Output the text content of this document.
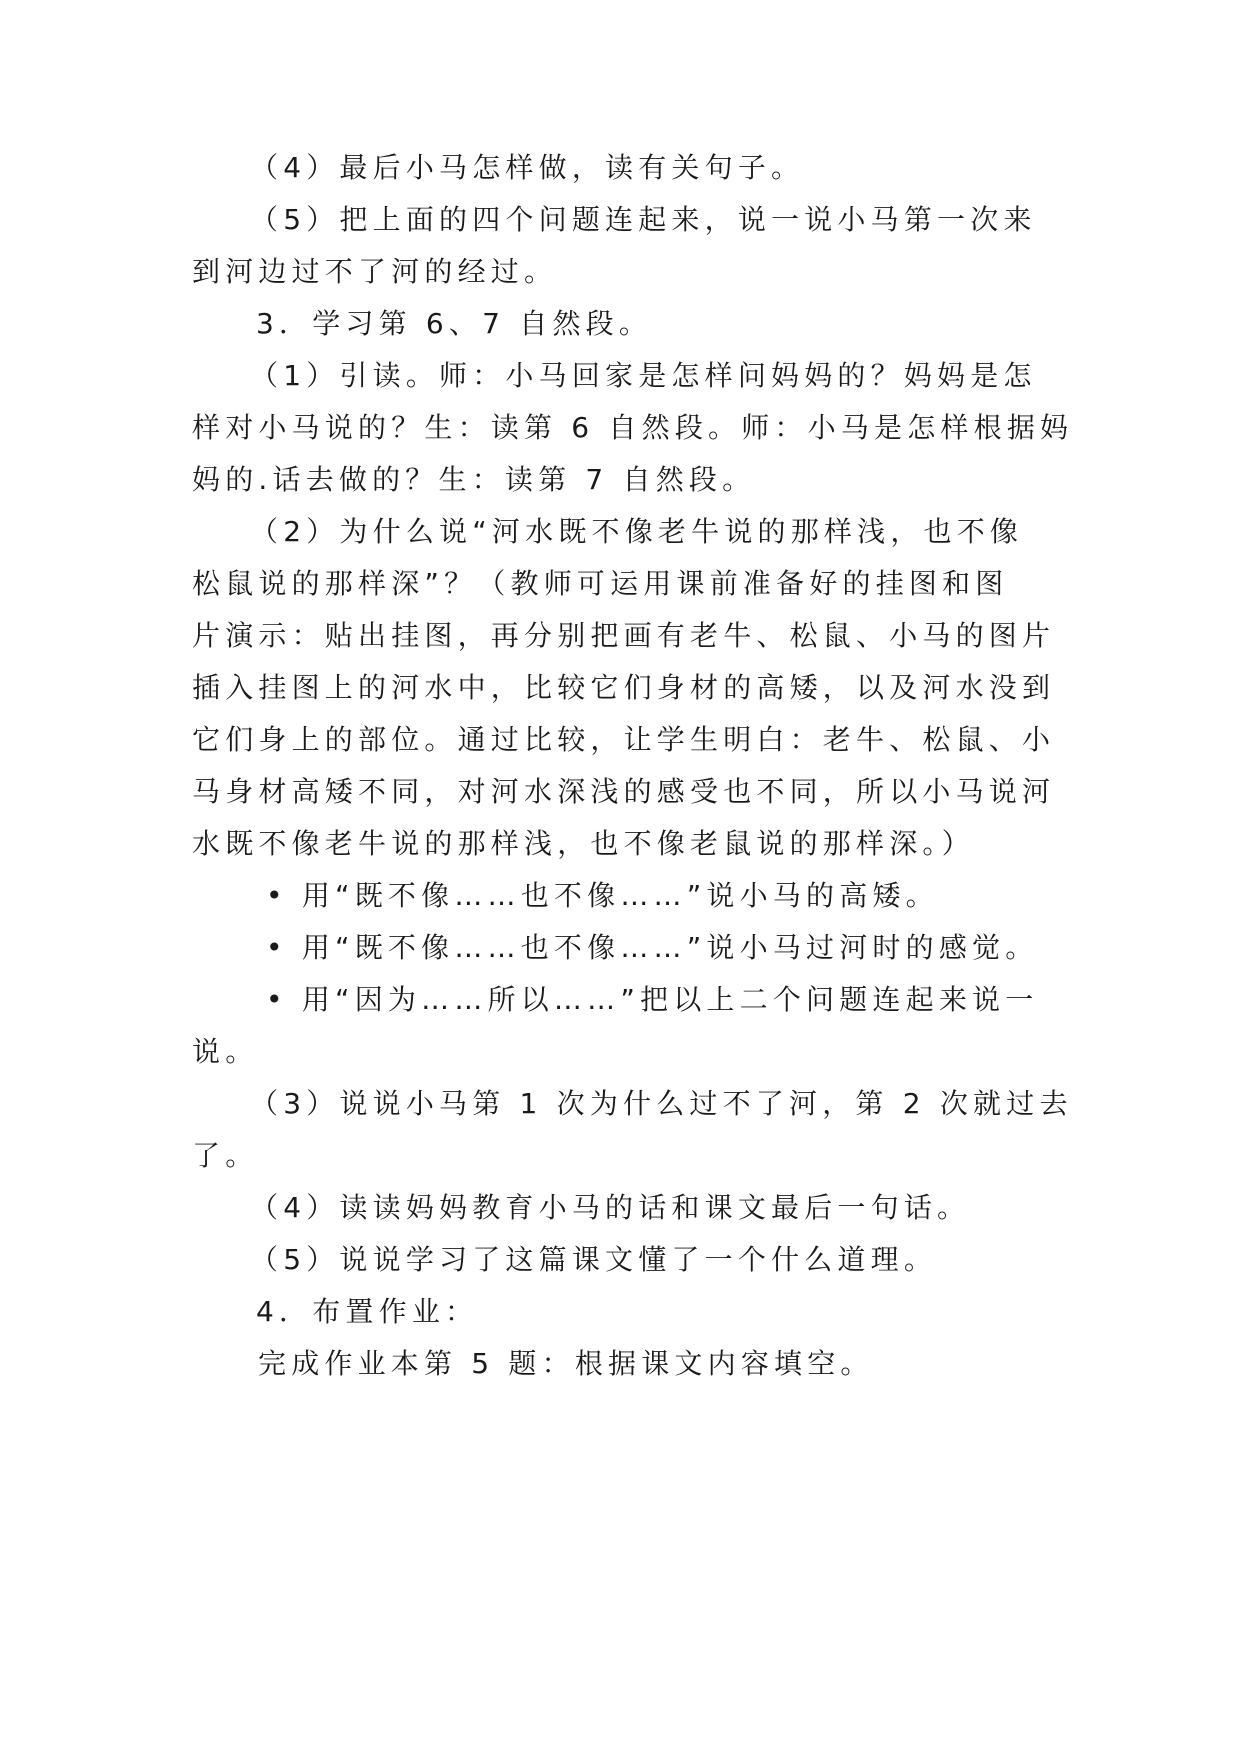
（4）最后小马怎样做，读有关句子。
（5）把上面的四个问题连起来，说一说小马第一次来
到河边过不了河的经过。
3．学习第 6、7 自然段。
（1）引读。师：小马回家是怎样问妈妈的？妈妈是怎
样对小马说的？生：读第 6 自然段。师：小马是怎样根据妈
妈的.话去做的？生：读第 7 自然段。
（2）为什么说“河水既不像老牛说的那样浅，也不像
松鼠说的那样深”？（教师可运用课前准备好的挂图和图
片演示：贴出挂图，再分别把画有老牛、松鼠、小马的图片
插入挂图上的河水中，比较它们身材的高矮，以及河水没到
它们身上的部位。通过比较，让学生明白：老牛、松鼠、小
马身材高矮不同，对河水深浅的感受也不同，所以小马说河
水既不像老牛说的那样浅，也不像老鼠说的那样深。）
• 用“既不像……也不像……”说小马的高矮。
• 用“既不像……也不像……”说小马过河时的感觉。
• 用“因为……所以……”把以上二个问题连起来说一
说。
（3）说说小马第 1 次为什么过不了河，第 2 次就过去
了。
（4）读读妈妈教育小马的话和课文最后一句话。
（5）说说学习了这篇课文懂了一个什么道理。
4．布置作业：
完成作业本第 5 题：根据课文内容填空。
